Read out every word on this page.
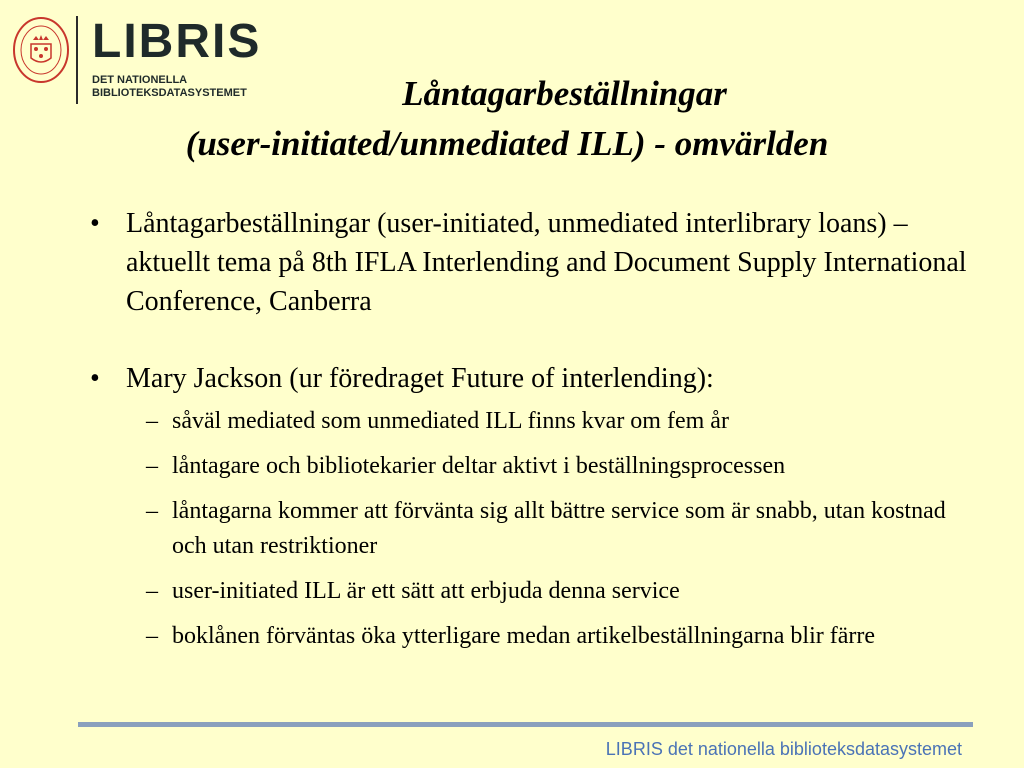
LIBRIS
DET NATIONELLA
BIBLIOTEKSDATASYSTEMET	Låntagarbeställningar
(user-initiated/unmediated ILL) - omvärlden
• Låntagarbeställningar (user-initiated, unmediated interlibrary loans) – aktuellt tema på 8th IFLA Interlending and Document Supply International Conference, Canberra
• Mary Jackson (ur föredraget Future of interlending):
– såväl mediated som unmediated ILL finns kvar om fem år
– låntagare och bibliotekarier deltar aktivt i beställningsprocessen
– låntagarna kommer att förvänta sig allt bättre service som är snabb, utan kostnad och utan restriktioner
– user-initiated ILL är ett sätt att erbjuda denna service
– boklånen förväntas öka ytterligare medan artikelbeställningarna blir färre
LIBRIS det nationella biblioteksdatasystemet
